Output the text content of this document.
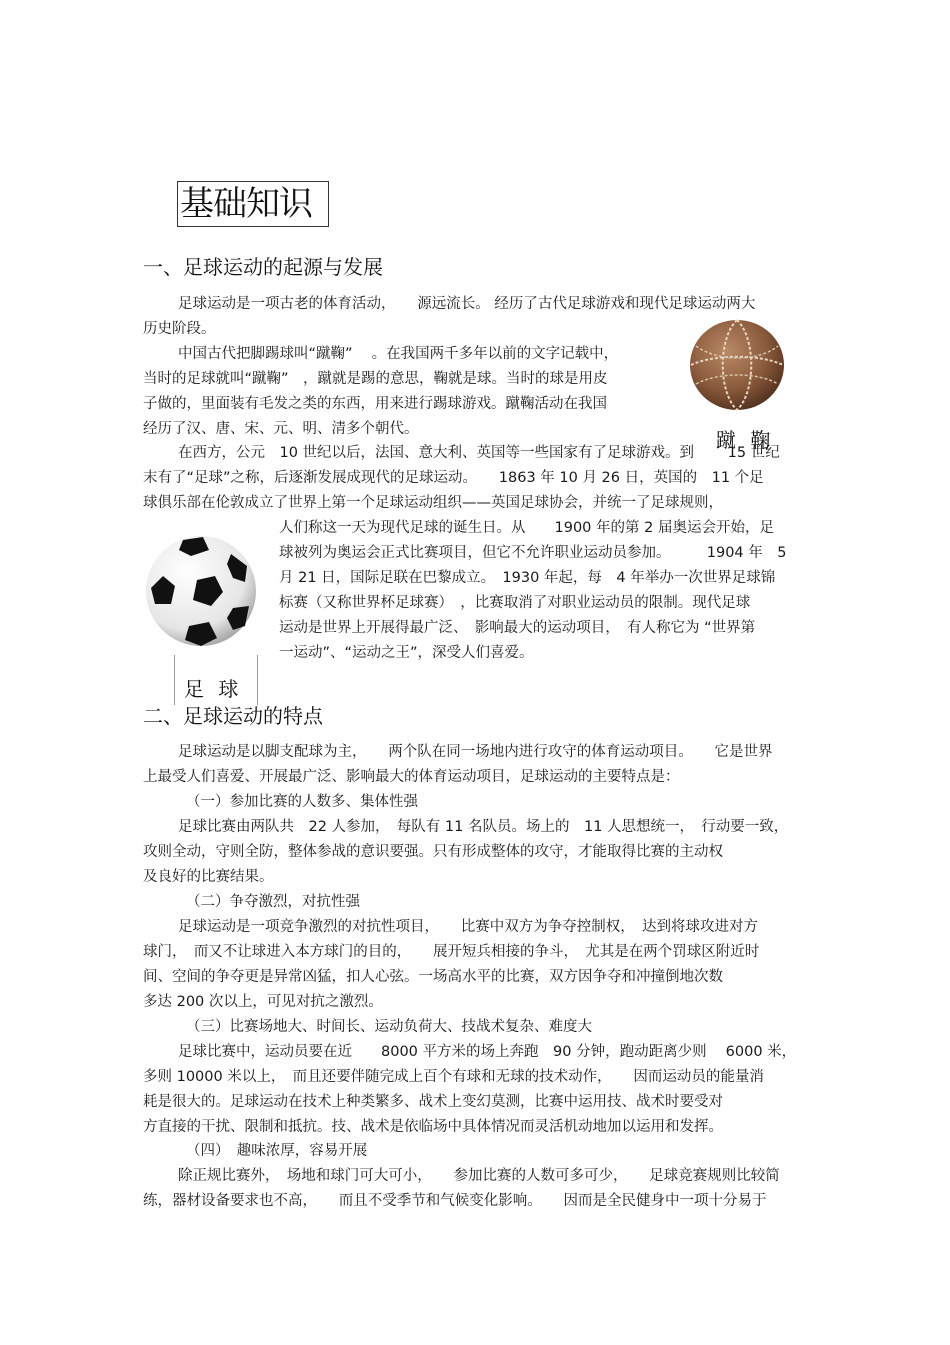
基础知识
一、足球运动的起源与发展
足球运动是一项古老的体育活动，　　源远流长。 经历了古代足球游戏和现代足球运动两大
历史阶段。
中国古代把脚踢球叫“蹴鞠”　 。在我国两千多年以前的文字记载中，
当时的足球就叫“蹴鞠”　，蹴就是踢的意思，鞠就是球。当时的球是用皮
子做的，里面装有毛发之类的东西，用来进行踢球游戏。蹴鞠活动在我国
经历了汉、唐、宋、元、明、清多个朝代。
在西方，公元　10 世纪以后，法国、意大利、英国等一些国家有了足球游戏。到　　 15 世纪
末有了“足球”之称，后逐渐发展成现代的足球运动。　　1863 年 10 月 26 日，英国的　11 个足
球俱乐部在伦敦成立了世界上第一个足球运动组织——英国足球协会，并统一了足球规则，
人们称这一天为现代足球的诞生日。从　　1900 年的第 2 届奥运会开始，足
球被列为奥运会正式比赛项目，但它不允许职业运动员参加。　　　1904 年　5
月 21 日，国际足联在巴黎成立。　1930 年起，每　4 年举办一次世界足球锦
标赛（又称世界杯足球赛）　，比赛取消了对职业运动员的限制。现代足球
运动是世界上开展得最广泛、　影响最大的运动项目，　有人称它为 “世界第
一运动”、“运动之王”，深受人们喜爱。
蹴 鞠
足 球
二、足球运动的特点
足球运动是以脚支配球为主，　　两个队在同一场地内进行攻守的体育运动项目。　　它是世界
上最受人们喜爱、开展最广泛、影响最大的体育运动项目，足球运动的主要特点是：
（一）参加比赛的人数多、集体性强
足球比赛由两队共　22 人参加，　每队有 11 名队员。场上的　11 人思想统一，　行动要一致，
攻则全动，守则全防，整体参战的意识要强。只有形成整体的攻守，才能取得比赛的主动权
及良好的比赛结果。
（二）争夺激烈，对抗性强
足球运动是一项竞争激烈的对抗性项目，　　比赛中双方为争夺控制权，　达到将球攻进对方
球门，　而又不让球进入本方球门的目的，　　展开短兵相接的争斗，　尤其是在两个罚球区附近时
间、空间的争夺更是异常凶猛，扣人心弦。一场高水平的比赛，双方因争夺和冲撞倒地次数
多达 200 次以上，可见对抗之激烈。
（三）比赛场地大、时间长、运动负荷大、技战术复杂、难度大
足球比赛中，运动员要在近　　8000 平方米的场上奔跑　90 分钟，跑动距离少则　 6000 米，
多则 10000 米以上，　而且还要伴随完成上百个有球和无球的技术动作，　　因而运动员的能量消
耗是很大的。足球运动在技术上种类繁多、战术上变幻莫测，比赛中运用技、战术时要受对
方直接的干扰、限制和抵抗。技、战术是依临场中具体情况而灵活机动地加以运用和发挥。
（四）　趣味浓厚，容易开展
除正规比赛外，　场地和球门可大可小，　　参加比赛的人数可多可少，　　足球竞赛规则比较简
练，器材设备要求也不高，　　而且不受季节和气候变化影响。　　因而是全民健身中一项十分易于
